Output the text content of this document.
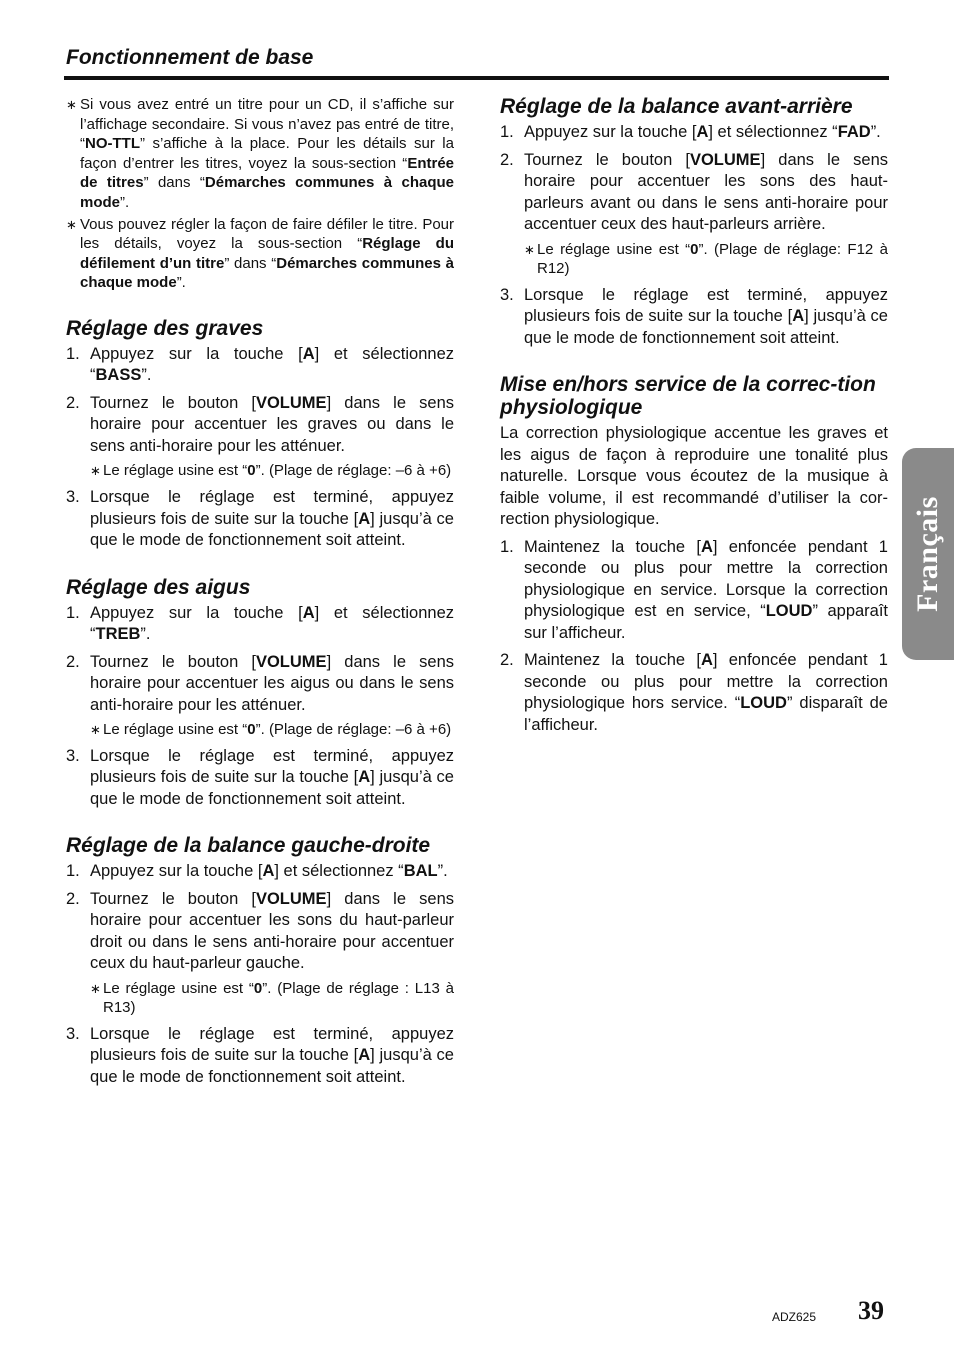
Fonctionnement de base
∗ Si vous avez entré un titre pour un CD, il s’affiche sur l’affichage secondaire. Si vous n’avez pas entré de titre, “NO-TTL” s’affiche à la place. Pour les détails sur la façon d’entrer les titres, voyez la sous-section “Entrée de titres” dans “Démarches communes à chaque mode”.
∗ Vous pouvez régler la façon de faire défiler le titre. Pour les détails, voyez la sous-section “Réglage du défilement d’un titre” dans “Démarches communes à chaque mode”.
Réglage des graves
1. Appuyez sur la touche [A] et sélectionnez “BASS”.
2. Tournez le bouton [VOLUME] dans le sens horaire pour accentuer les graves ou dans le sens anti-horaire pour les atténuer.
∗ Le réglage usine est “0”. (Plage de réglage: –6 à +6)
3. Lorsque le réglage est terminé, appuyez plusieurs fois de suite sur la touche [A] jusqu’à ce que le mode de fonctionnement soit atteint.
Réglage des aigus
1. Appuyez sur la touche [A] et sélectionnez “TREB”.
2. Tournez le bouton [VOLUME] dans le sens horaire pour accentuer les aigus ou dans le sens anti-horaire pour les atténuer.
∗ Le réglage usine est “0”. (Plage de réglage: –6 à +6)
3. Lorsque le réglage est terminé, appuyez plusieurs fois de suite sur la touche [A] jusqu’à ce que le mode de fonctionnement soit atteint.
Réglage de la balance gauche-droite
1. Appuyez sur la touche [A] et sélectionnez “BAL”.
2. Tournez le bouton [VOLUME] dans le sens horaire pour accentuer les sons du haut-parleur droit ou dans le sens anti-horaire pour accentuer ceux du haut-parleur gauche.
∗ Le réglage usine est “0”. (Plage de réglage : L13 à R13)
3. Lorsque le réglage est terminé, appuyez plusieurs fois de suite sur la touche [A] jusqu’à ce que le mode de fonctionnement soit atteint.
Réglage de la balance avant-arrière
1. Appuyez sur la touche [A] et sélectionnez “FAD”.
2. Tournez le bouton [VOLUME] dans le sens horaire pour accentuer les sons des haut-parleurs avant ou dans le sens anti-horaire pour accentuer ceux des haut-parleurs arrière.
∗ Le réglage usine est “0”. (Plage de réglage: F12 à R12)
3. Lorsque le réglage est terminé, appuyez plusieurs fois de suite sur la touche [A] jusqu’à ce que le mode de fonctionnement soit atteint.
Mise en/hors service de la correc-tion physiologique
La correction physiologique accentue les graves et les aigus de façon à reproduire une tonalité plus naturelle. Lorsque vous écoutez de la musique à faible volume, il est recommandé d’utiliser la cor-rection physiologique.
1. Maintenez la touche [A] enfoncée pendant 1 seconde ou plus pour mettre la correction physiologique en service. Lorsque la correction physiologique est en service, “LOUD” apparaît sur l’afficheur.
2. Maintenez la touche [A] enfoncée pendant 1 seconde ou plus pour mettre la correction physiologique hors service. “LOUD” disparaît de l’afficheur.
Français
ADZ625 39
